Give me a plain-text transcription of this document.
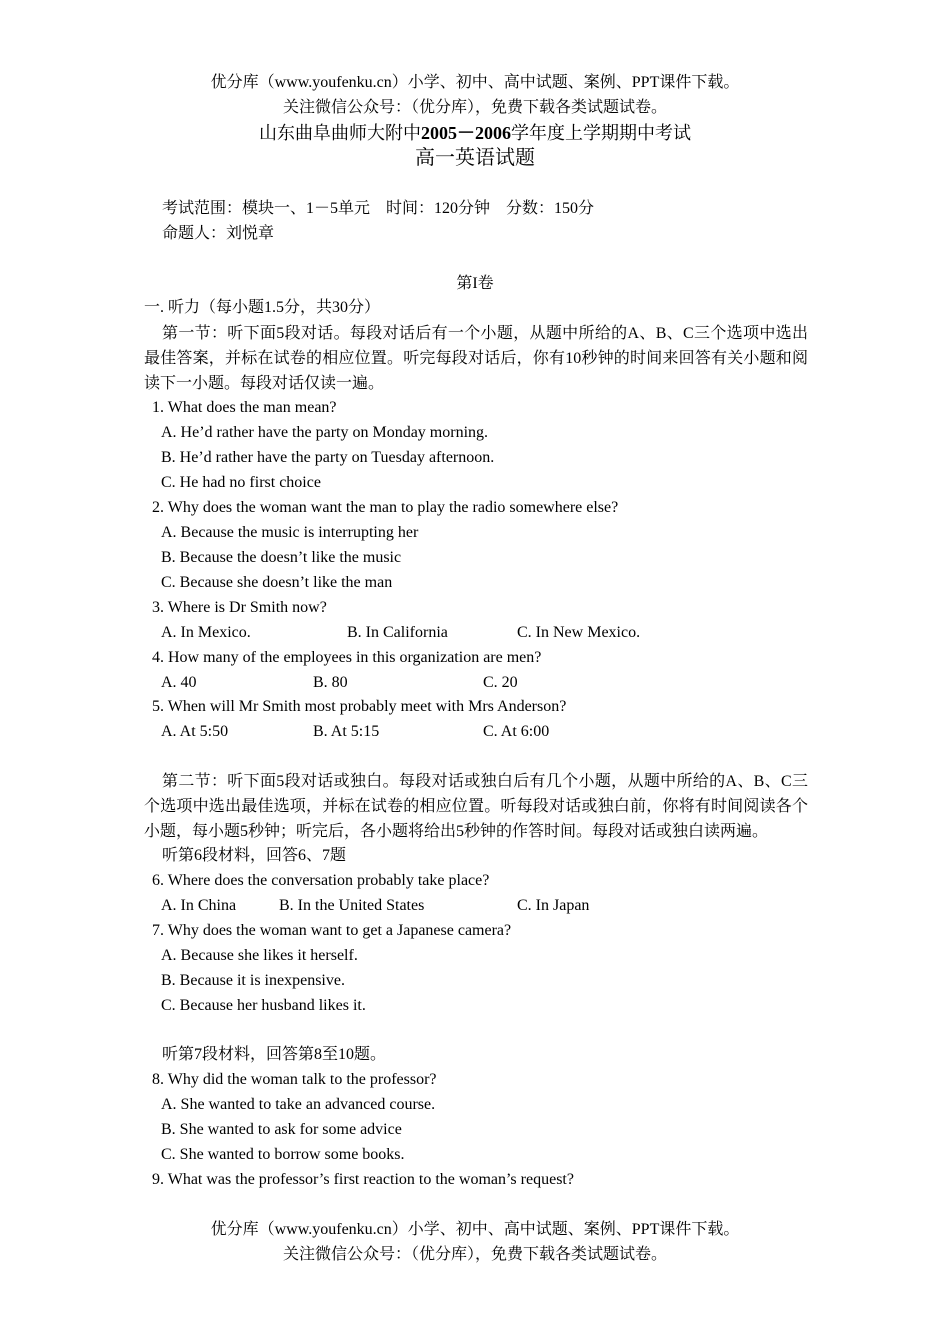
优分库（www.youfenku.cn）小学、初中、高中试题、案例、PPT课件下载。
关注微信公众号：（优分库），免费下载各类试题试卷。
山东曲阜曲师大附中2005－2006学年度上学期期中考试
高一英语试题
考试范围：模块一、1－5单元　时间：120分钟　分数：150分
命题人：刘悦章
第I卷
一. 听力（每小题1.5分，共30分）
第一节：听下面5段对话。每段对话后有一个小题，从题中所给的A、B、C三个选项中选出最佳答案，并标在试卷的相应位置。听完每段对话后，你有10秒钟的时间来回答有关小题和阅读下一小题。每段对话仅读一遍。
1. What does the man mean?
A. He’d rather have the party on Monday morning.
B. He’d rather have the party on Tuesday afternoon.
C. He had no first choice
2. Why does the woman want the man to play the radio somewhere else?
A. Because the music is interrupting her
B. Because the doesn’t like the music
C. Because she doesn’t like the man
3. Where is Dr Smith now?
A. In Mexico.	B. In California	C. In New Mexico.
4. How many of the employees in this organization are men?
A. 40	B. 80	C. 20
5. When will Mr Smith most probably meet with Mrs Anderson?
A. At 5:50	B. At 5:15	C. At 6:00
第二节：听下面5段对话或独白。每段对话或独白后有几个小题，从题中所给的A、B、C三个选项中选出最佳选项，并标在试卷的相应位置。听每段对话或独白前，你将有时间阅读各个小题，每小题5秒钟；听完后，各小题将给出5秒钟的作答时间。每段对话或独白读两遍。
听第6段材料，回答6、7题
6. Where does the conversation probably take place?
A. In China	B. In the United States	C. In Japan
7. Why does the woman want to get a Japanese camera?
A. Because she likes it herself.
B. Because it is inexpensive.
C. Because her husband likes it.
听第7段材料，回答第8至10题。
8. Why did the woman talk to the professor?
A. She wanted to take an advanced course.
B. She wanted to ask for some advice
C. She wanted to borrow some books.
9. What was the professor’s first reaction to the woman’s request?
优分库（www.youfenku.cn）小学、初中、高中试题、案例、PPT课件下载。
关注微信公众号：（优分库），免费下载各类试题试卷。
